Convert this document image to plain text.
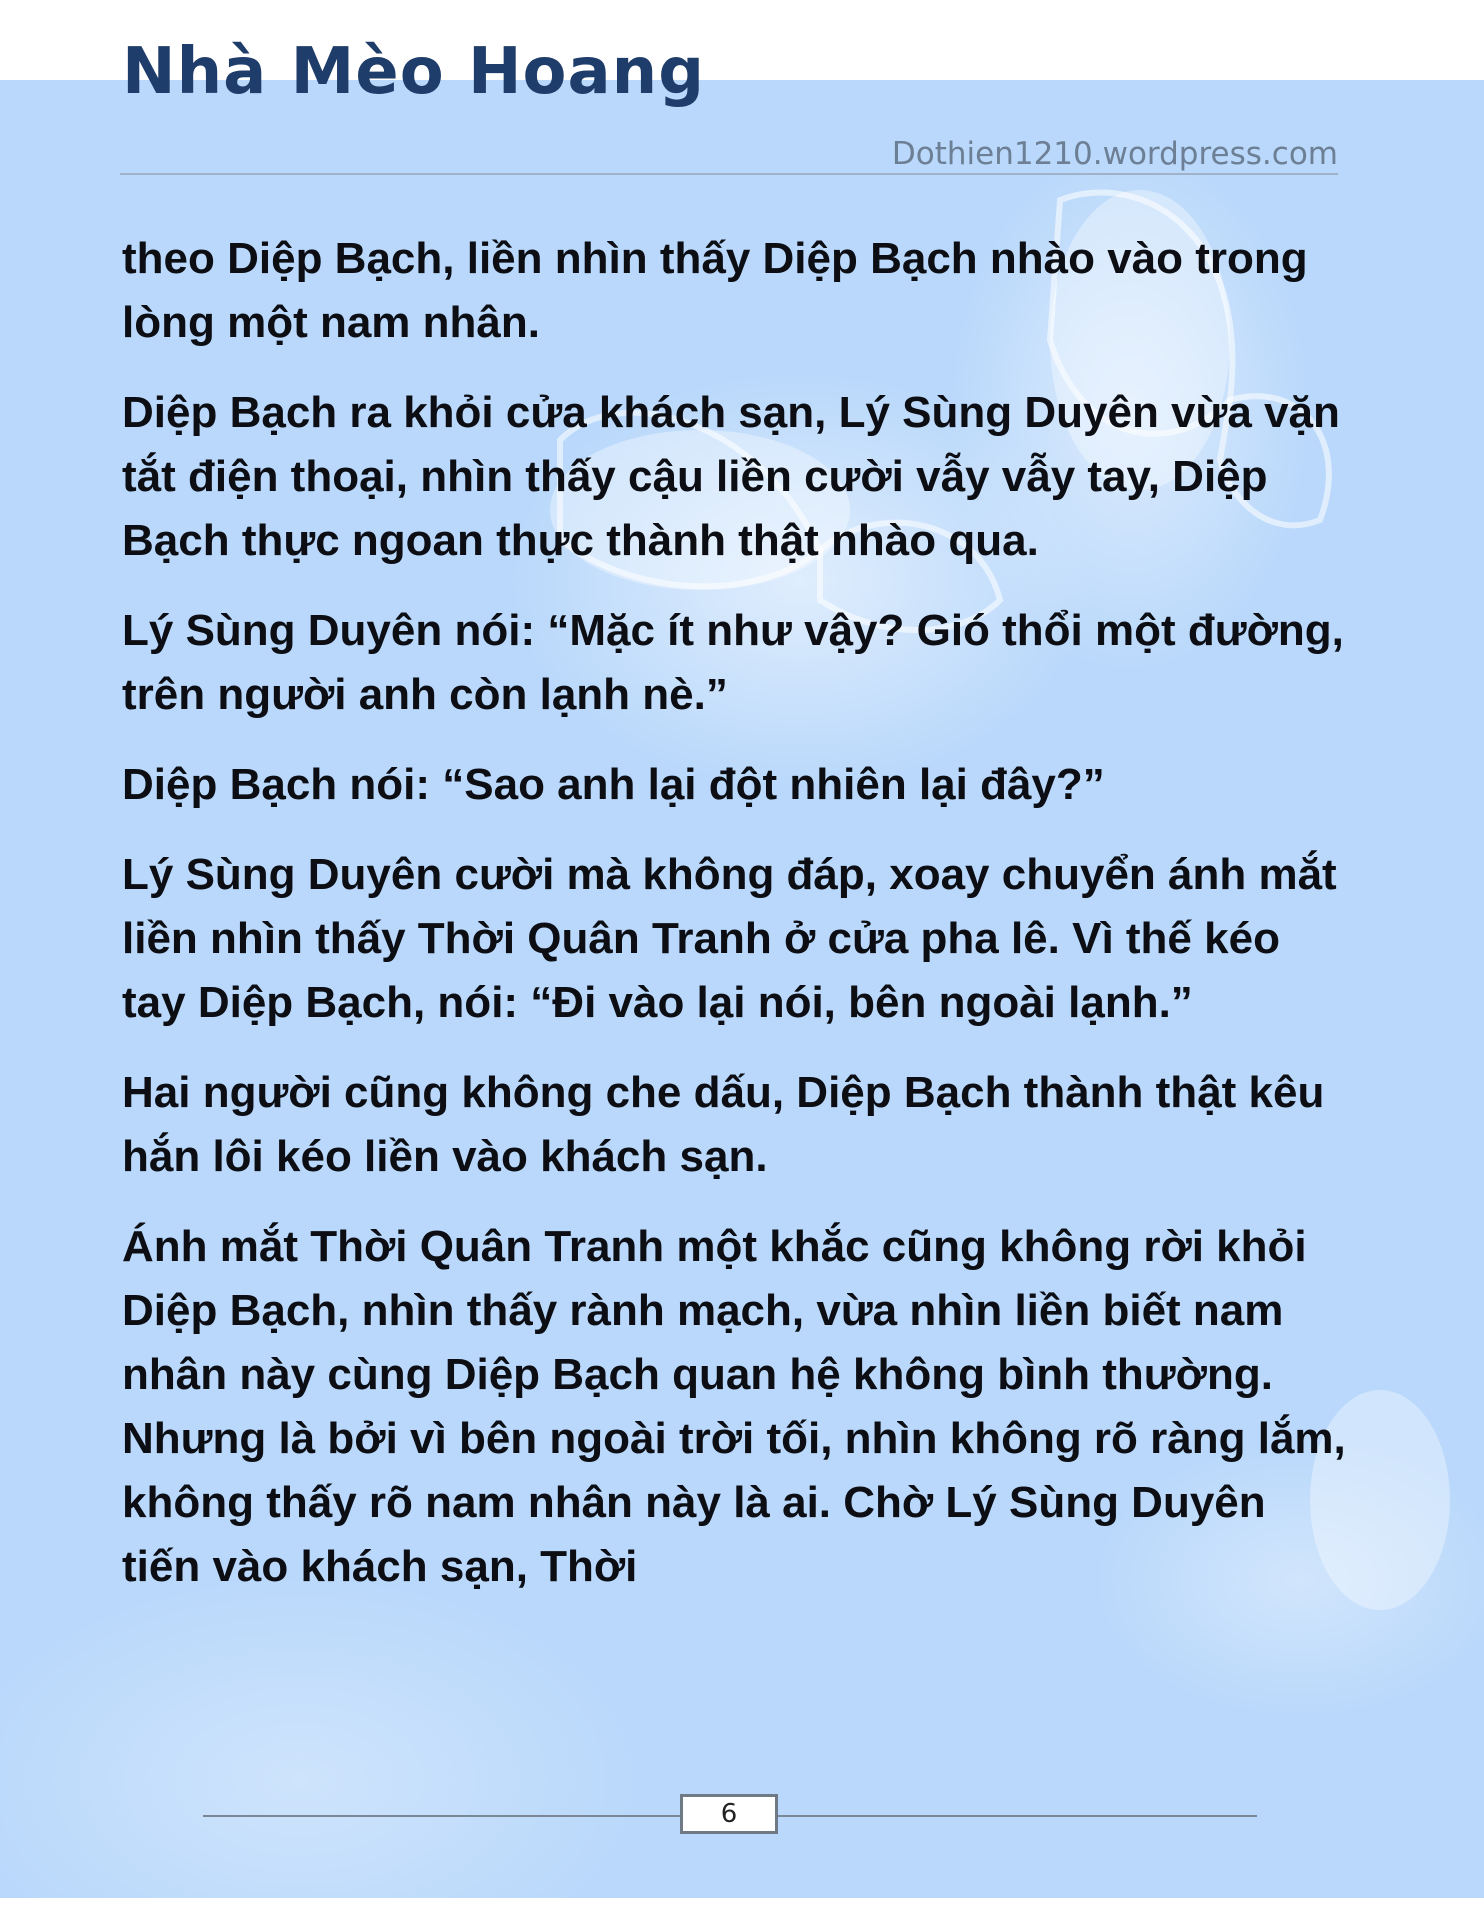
Nhà Mèo Hoang
Dothien1210.wordpress.com

theo Diệp Bạch, liền nhìn thấy Diệp Bạch nhào vào trong lòng một nam nhân.

Diệp Bạch ra khỏi cửa khách sạn, Lý Sùng Duyên vừa vặn tắt điện thoại, nhìn thấy cậu liền cười vẫy vẫy tay, Diệp Bạch thực ngoan thực thành thật nhào qua.

Lý Sùng Duyên nói: “Mặc ít như vậy? Gió thổi một đường, trên người anh còn lạnh nè.”

Diệp Bạch nói: “Sao anh lại đột nhiên lại đây?”

Lý Sùng Duyên cười mà không đáp, xoay chuyển ánh mắt liền nhìn thấy Thời Quân Tranh ở cửa pha lê. Vì thế kéo tay Diệp Bạch, nói: “Đi vào lại nói, bên ngoài lạnh.”

Hai người cũng không che dấu, Diệp Bạch thành thật kêu hắn lôi kéo liền vào khách sạn.

Ánh mắt Thời Quân Tranh một khắc cũng không rời khỏi Diệp Bạch, nhìn thấy rành mạch, vừa nhìn liền biết nam nhân này cùng Diệp Bạch quan hệ không bình thường. Nhưng là bởi vì bên ngoài trời tối, nhìn không rõ ràng lắm, không thấy rõ nam nhân này là ai. Chờ Lý Sùng Duyên tiến vào khách sạn, Thời

6
